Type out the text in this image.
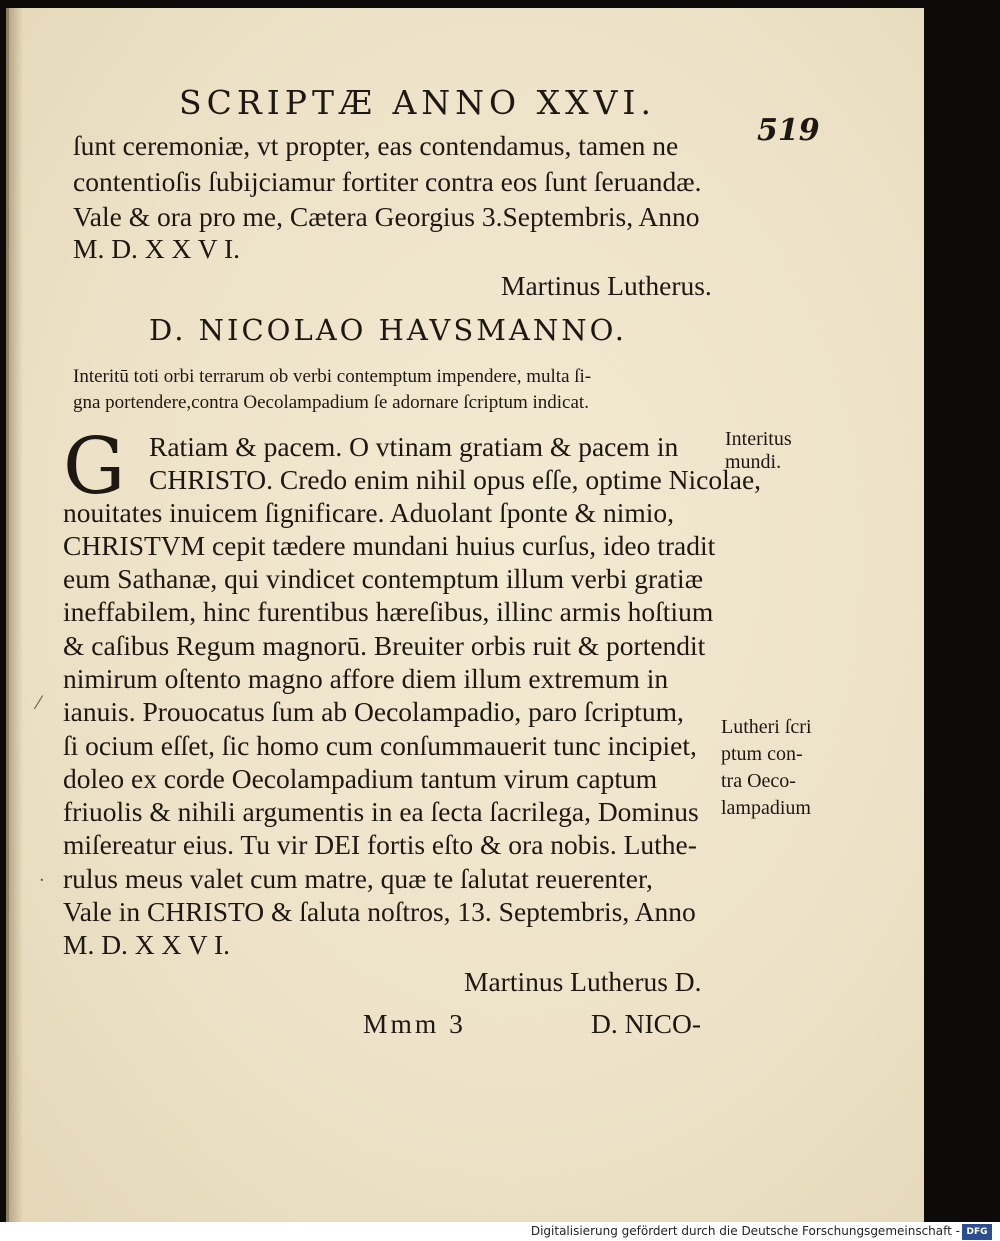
SCRIPTÆ ANNO XXVI.
519
ſunt ceremoniæ, vt propter, eas contendamus, tamen ne
contentioſis ſubijciamur fortiter contra eos ſunt ſeruandæ.
Vale & ora pro me, Cætera Georgius 3.Septembris, Anno
M. D. X X V I.
Martinus Lutherus.
D. NICOLAO HAVSMANNO.
Interitū toti orbi terrarum ob verbi contemptum impendere, multa ſi-
gna portendere,contra Oecolampadium ſe adornare ſcriptum indicat.
G Ratiam & pacem. O vtinam gratiam & pacem in
CHRISTO. Credo enim nihil opus eſſe, optime Nicolae,
nouitates inuicem ſignificare. Aduolant ſponte & nimio,
CHRISTVM cepit tædere mundani huius curſus, ideo tradit
eum Sathanæ, qui vindicet contemptum illum verbi gratiæ
ineffabilem, hinc furentibus hæreſibus, illinc armis hoſtium
& caſibus Regum magnorū. Breuiter orbis ruit & portendit
nimirum oſtento magno affore diem illum extremum in
ianuis. Prouocatus ſum ab Oecolampadio, paro ſcriptum,
ſi ocium eſſet, ſic homo cum conſummauerit tunc incipiet,
doleo ex corde Oecolampadium tantum virum captum
friuolis & nihili argumentis in ea ſecta ſacrilega, Dominus
miſereatur eius. Tu vir DEI fortis eſto & ora nobis. Luthe-
rulus meus valet cum matre, quæ te ſalutat reuerenter,
Vale in CHRISTO & ſaluta noſtros, 13. Septembris, Anno
M. D. X X V I.
Martinus Lutherus D.
Mmm 3	D. NICO-
Interitus
mundi.
Lutheri ſcri
ptum con-
tra Oeco-
lampadium
⁄
·
Digitalisierung gefördert durch die Deutsche Forschungsgemeinschaft - DFG
